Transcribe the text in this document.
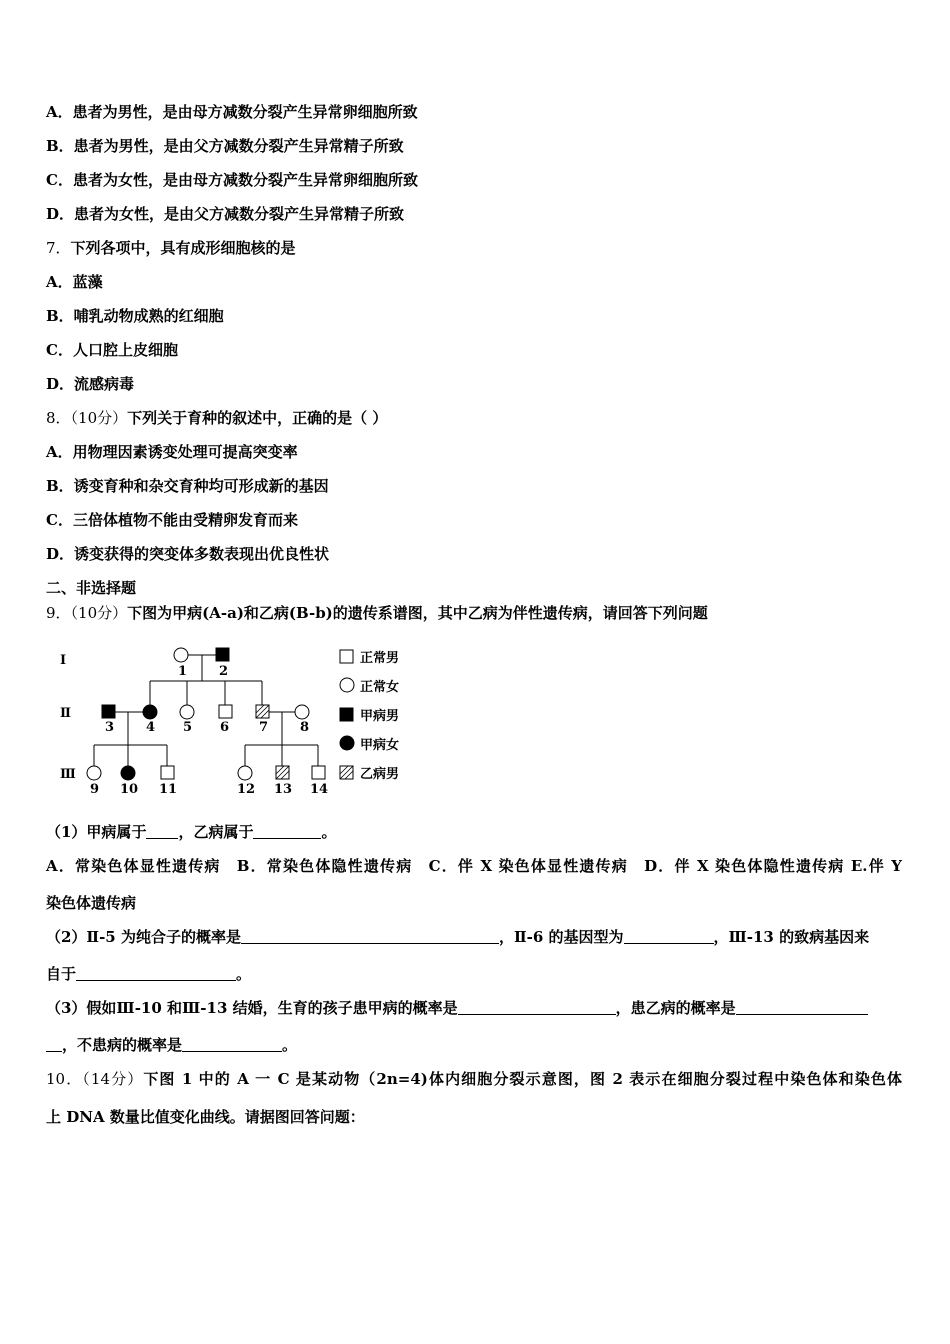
A．患者为男性，是由母方减数分裂产生异常卵细胞所致
B．患者为男性，是由父方减数分裂产生异常精子所致
C．患者为女性，是由母方减数分裂产生异常卵细胞所致
D．患者为女性，是由父方减数分裂产生异常精子所致
7．下列各项中，具有成形细胞核的是
A．蓝藻
B．哺乳动物成熟的红细胞
C．人口腔上皮细胞
D．流感病毒
8．（10分）下列关于育种的叙述中，正确的是（ ）
A．用物理因素诱变处理可提高突变率
B．诱变育种和杂交育种均可形成新的基因
C．三倍体植物不能由受精卵发育而来
D．诱变获得的突变体多数表现出优良性状
二、非选择题
9．（10分）下图为甲病(A-a)和乙病(B-b)的遗传系谱图，其中乙病为伴性遗传病，请回答下列问题
Ⅰ
Ⅱ
Ⅲ
1 2
3 4 5 6 7 8
9 10 11	12 13 14
正常男
正常女
甲病男
甲病女
乙病男
（1）甲病属于 ，乙病属于	。
A．常染色体显性遗传病　B．常染色体隐性遗传病　C．伴 X 染色体显性遗传病　D．伴 X 染色体隐性遗传病 E.伴 Y
染色体遗传病
（2）Ⅱ-5 为纯合子的概率是	，Ⅱ-6 的基因型为	，Ⅲ-13 的致病基因来
自于	。
（3）假如Ⅲ-10 和Ⅲ-13 结婚，生育的孩子患甲病的概率是	，患乙病的概率是
，不患病的概率是	。
10．（14分）下图 1 中的 A 一 C 是某动物（2n=4)体内细胞分裂示意图，图 2 表示在细胞分裂过程中染色体和染色体
上 DNA 数量比值变化曲线。请据图回答问题：
